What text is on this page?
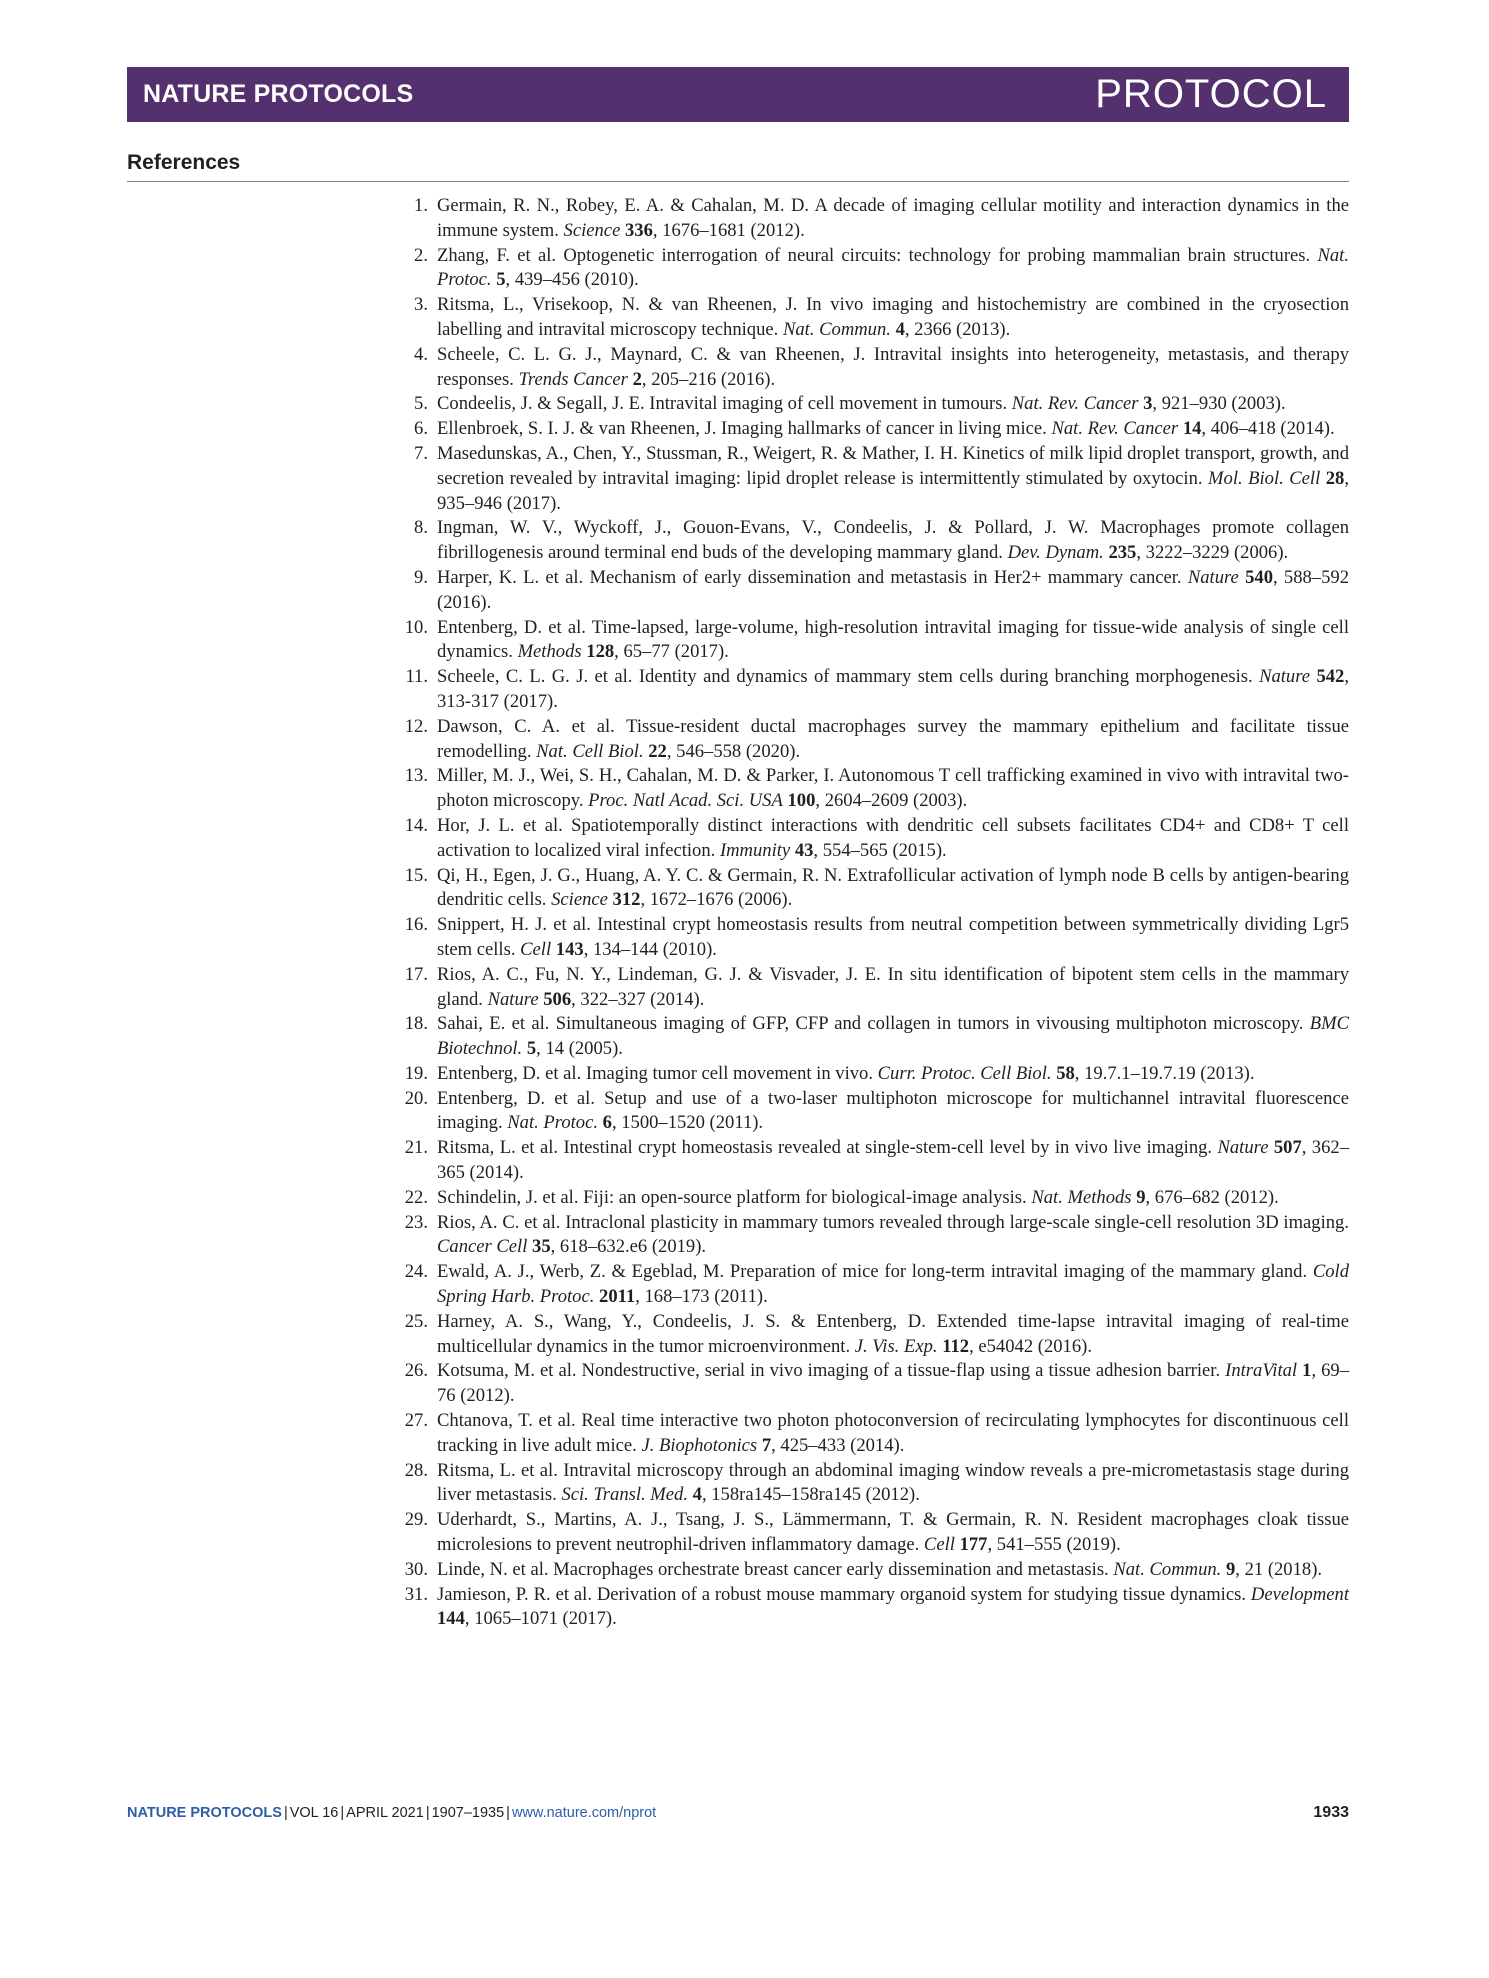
NATURE PROTOCOLS	PROTOCOL
References
1. Germain, R. N., Robey, E. A. & Cahalan, M. D. A decade of imaging cellular motility and interaction dynamics in the immune system. Science 336, 1676–1681 (2012).
2. Zhang, F. et al. Optogenetic interrogation of neural circuits: technology for probing mammalian brain structures. Nat. Protoc. 5, 439–456 (2010).
3. Ritsma, L., Vrisekoop, N. & van Rheenen, J. In vivo imaging and histochemistry are combined in the cryosection labelling and intravital microscopy technique. Nat. Commun. 4, 2366 (2013).
4. Scheele, C. L. G. J., Maynard, C. & van Rheenen, J. Intravital insights into heterogeneity, metastasis, and therapy responses. Trends Cancer 2, 205–216 (2016).
5. Condeelis, J. & Segall, J. E. Intravital imaging of cell movement in tumours. Nat. Rev. Cancer 3, 921–930 (2003).
6. Ellenbroek, S. I. J. & van Rheenen, J. Imaging hallmarks of cancer in living mice. Nat. Rev. Cancer 14, 406–418 (2014).
7. Masedunskas, A., Chen, Y., Stussman, R., Weigert, R. & Mather, I. H. Kinetics of milk lipid droplet transport, growth, and secretion revealed by intravital imaging: lipid droplet release is intermittently stimulated by oxytocin. Mol. Biol. Cell 28, 935–946 (2017).
8. Ingman, W. V., Wyckoff, J., Gouon-Evans, V., Condeelis, J. & Pollard, J. W. Macrophages promote collagen fibrillogenesis around terminal end buds of the developing mammary gland. Dev. Dynam. 235, 3222–3229 (2006).
9. Harper, K. L. et al. Mechanism of early dissemination and metastasis in Her2+ mammary cancer. Nature 540, 588–592 (2016).
10. Entenberg, D. et al. Time-lapsed, large-volume, high-resolution intravital imaging for tissue-wide analysis of single cell dynamics. Methods 128, 65–77 (2017).
11. Scheele, C. L. G. J. et al. Identity and dynamics of mammary stem cells during branching morphogenesis. Nature 542, 313-317 (2017).
12. Dawson, C. A. et al. Tissue-resident ductal macrophages survey the mammary epithelium and facilitate tissue remodelling. Nat. Cell Biol. 22, 546–558 (2020).
13. Miller, M. J., Wei, S. H., Cahalan, M. D. & Parker, I. Autonomous T cell trafficking examined in vivo with intravital two-photon microscopy. Proc. Natl Acad. Sci. USA 100, 2604–2609 (2003).
14. Hor, J. L. et al. Spatiotemporally distinct interactions with dendritic cell subsets facilitates CD4+ and CD8+ T cell activation to localized viral infection. Immunity 43, 554–565 (2015).
15. Qi, H., Egen, J. G., Huang, A. Y. C. & Germain, R. N. Extrafollicular activation of lymph node B cells by antigen-bearing dendritic cells. Science 312, 1672–1676 (2006).
16. Snippert, H. J. et al. Intestinal crypt homeostasis results from neutral competition between symmetrically dividing Lgr5 stem cells. Cell 143, 134–144 (2010).
17. Rios, A. C., Fu, N. Y., Lindeman, G. J. & Visvader, J. E. In situ identification of bipotent stem cells in the mammary gland. Nature 506, 322–327 (2014).
18. Sahai, E. et al. Simultaneous imaging of GFP, CFP and collagen in tumors in vivousing multiphoton microscopy. BMC Biotechnol. 5, 14 (2005).
19. Entenberg, D. et al. Imaging tumor cell movement in vivo. Curr. Protoc. Cell Biol. 58, 19.7.1–19.7.19 (2013).
20. Entenberg, D. et al. Setup and use of a two-laser multiphoton microscope for multichannel intravital fluorescence imaging. Nat. Protoc. 6, 1500–1520 (2011).
21. Ritsma, L. et al. Intestinal crypt homeostasis revealed at single-stem-cell level by in vivo live imaging. Nature 507, 362–365 (2014).
22. Schindelin, J. et al. Fiji: an open-source platform for biological-image analysis. Nat. Methods 9, 676–682 (2012).
23. Rios, A. C. et al. Intraclonal plasticity in mammary tumors revealed through large-scale single-cell resolution 3D imaging. Cancer Cell 35, 618–632.e6 (2019).
24. Ewald, A. J., Werb, Z. & Egeblad, M. Preparation of mice for long-term intravital imaging of the mammary gland. Cold Spring Harb. Protoc. 2011, 168–173 (2011).
25. Harney, A. S., Wang, Y., Condeelis, J. S. & Entenberg, D. Extended time-lapse intravital imaging of real-time multicellular dynamics in the tumor microenvironment. J. Vis. Exp. 112, e54042 (2016).
26. Kotsuma, M. et al. Nondestructive, serial in vivo imaging of a tissue-flap using a tissue adhesion barrier. IntraVital 1, 69–76 (2012).
27. Chtanova, T. et al. Real time interactive two photon photoconversion of recirculating lymphocytes for discontinuous cell tracking in live adult mice. J. Biophotonics 7, 425–433 (2014).
28. Ritsma, L. et al. Intravital microscopy through an abdominal imaging window reveals a pre-micrometastasis stage during liver metastasis. Sci. Transl. Med. 4, 158ra145–158ra145 (2012).
29. Uderhardt, S., Martins, A. J., Tsang, J. S., Lämmermann, T. & Germain, R. N. Resident macrophages cloak tissue microlesions to prevent neutrophil-driven inflammatory damage. Cell 177, 541–555 (2019).
30. Linde, N. et al. Macrophages orchestrate breast cancer early dissemination and metastasis. Nat. Commun. 9, 21 (2018).
31. Jamieson, P. R. et al. Derivation of a robust mouse mammary organoid system for studying tissue dynamics. Development 144, 1065–1071 (2017).
NATURE PROTOCOLS | VOL 16 | APRIL 2021 | 1907–1935 | www.nature.com/nprot	1933
